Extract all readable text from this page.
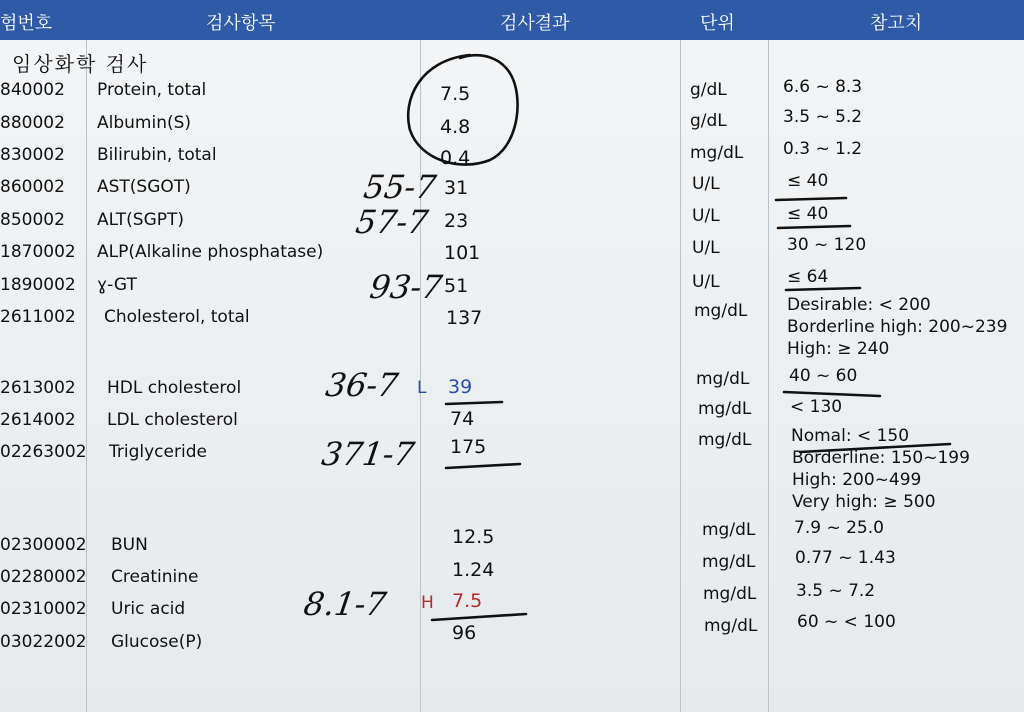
험번호	검사항목	검사결과	단위	참고치
임상화학 검사
840002 Protein, total	7.5	g/dL	6.6 ~ 8.3
880002 Albumin(S)	4.8	g/dL	3.5 ~ 5.2
830002 Bilirubin, total	0.4	mg/dL 0.3 ~ 1.2
860002 AST(SGOT)	31	U/L	≤ 40
850002 ALT(SGPT)	23	U/L	≤ 40
1870002 ALP(Alkaline phosphatase)	101	U/L	30 ~ 120
1890002 ɣ-GT	51	U/L	≤ 64
2611002 Cholesterol, total	137	mg/dL Desirable: < 200
Borderline high: 200~239
High: ≥ 240
2613002 HDL cholesterol	L 39	mg/dL 40 ~ 60
2614002 LDL cholesterol	74	mg/dL < 130
02263002 Triglyceride	175	mg/dL Nomal: < 150
Borderline: 150~199
High: 200~499
Very high: ≥ 500
02300002 BUN	12.5	mg/dL 7.9 ~ 25.0
02280002 Creatinine	1.24	mg/dL 0.77 ~ 1.43
02310002 Uric acid	H 7.5	mg/dL 3.5 ~ 7.2
03022002 Glucose(P)	96	mg/dL 60 ~ < 100
55-7
57-7
93-7
36-7
371-7
8.1-7
